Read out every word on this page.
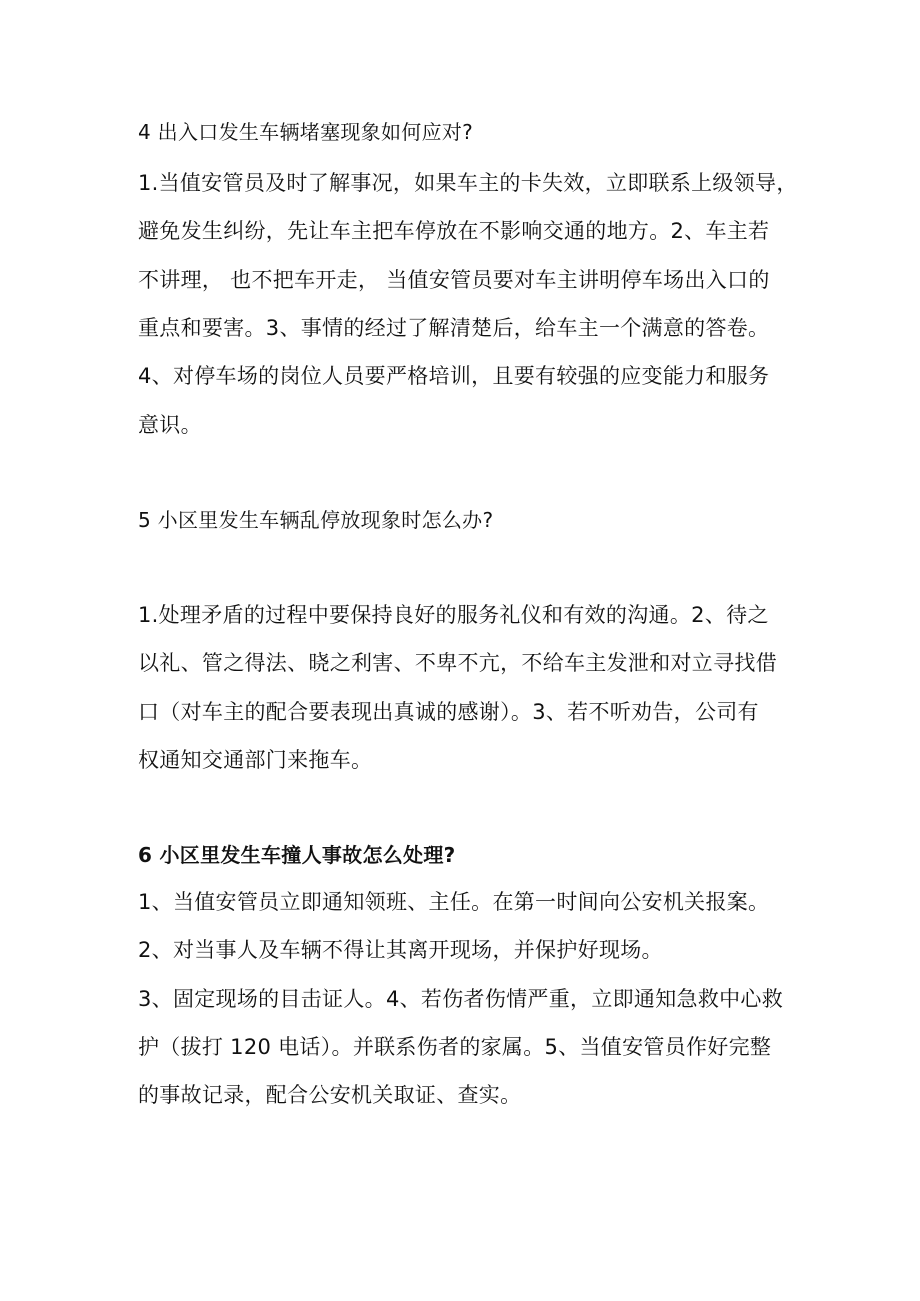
4 出入口发生车辆堵塞现象如何应对?

1.当值安管员及时了解事况，如果车主的卡失效，立即联系上级领导，

避免发生纠纷，先让车主把车停放在不影响交通的地方。2、车主若

不讲理， 也不把车开走， 当值安管员要对车主讲明停车场出入口的

重点和要害。3、事情的经过了解清楚后，给车主一个满意的答卷。

4、对停车场的岗位人员要严格培训，且要有较强的应变能力和服务

意识。

5 小区里发生车辆乱停放现象时怎么办?

1.处理矛盾的过程中要保持良好的服务礼仪和有效的沟通。2、待之

以礼、管之得法、晓之利害、不卑不亢，不给车主发泄和对立寻找借

口（对车主的配合要表现出真诚的感谢）。3、若不听劝告，公司有

权通知交通部门来拖车。

6 小区里发生车撞人事故怎么处理?

1、当值安管员立即通知领班、主任。在第一时间向公安机关报案。

2、对当事人及车辆不得让其离开现场，并保护好现场。

3、固定现场的目击证人。4、若伤者伤情严重，立即通知急救中心救

护（拔打 120 电话）。并联系伤者的家属。5、当值安管员作好完整

的事故记录，配合公安机关取证、查实。
